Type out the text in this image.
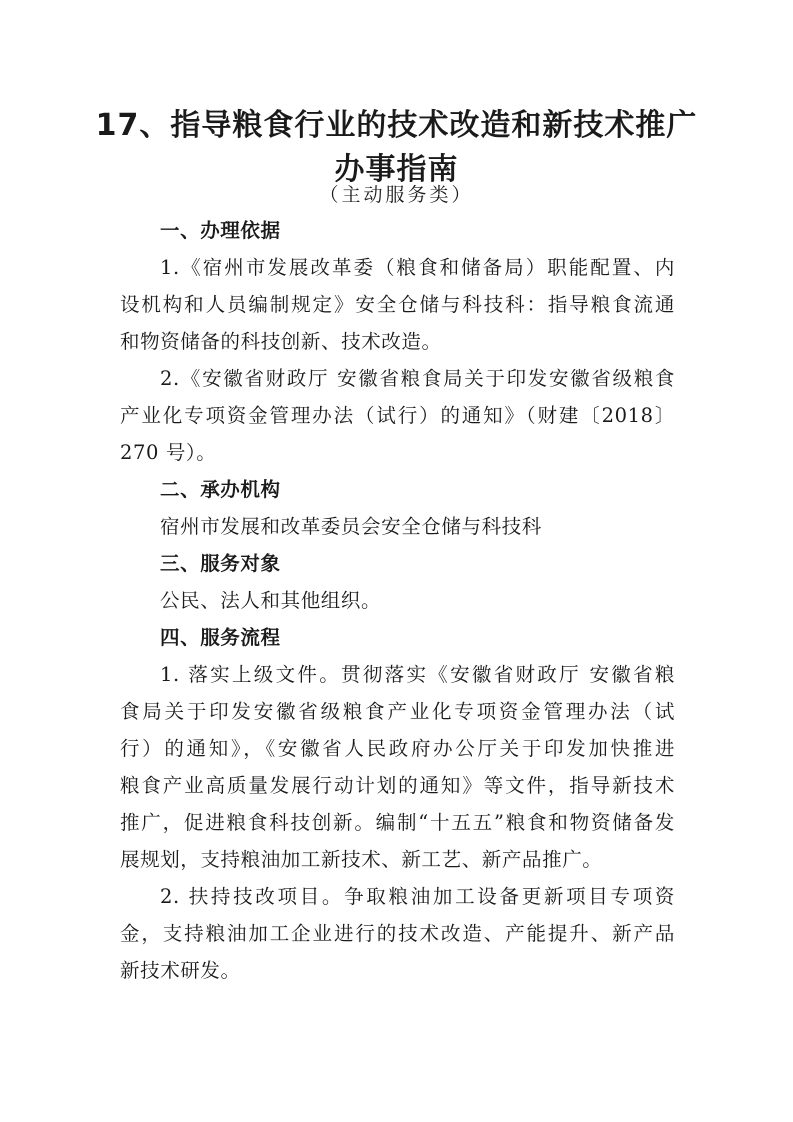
17、指导粮食行业的技术改造和新技术推广
办事指南

（主动服务类）

一、办理依据
1.《宿州市发展改革委（粮食和储备局）职能配置、内
设机构和人员编制规定》安全仓储与科技科：指导粮食流通
和物资储备的科技创新、技术改造。
2.《安徽省财政厅 安徽省粮食局关于印发安徽省级粮食
产业化专项资金管理办法（试行）的通知》（财建〔2018〕
270 号）。
二、承办机构
宿州市发展和改革委员会安全仓储与科技科
三、服务对象
公民、法人和其他组织。
四、服务流程
1. 落实上级文件。贯彻落实《安徽省财政厅 安徽省粮
食局关于印发安徽省级粮食产业化专项资金管理办法（试
行）的通知》，《安徽省人民政府办公厅关于印发加快推进
粮食产业高质量发展行动计划的通知》等文件，指导新技术
推广，促进粮食科技创新。编制“十五五”粮食和物资储备发
展规划，支持粮油加工新技术、新工艺、新产品推广。
2. 扶持技改项目。争取粮油加工设备更新项目专项资
金，支持粮油加工企业进行的技术改造、产能提升、新产品
新技术研发。
